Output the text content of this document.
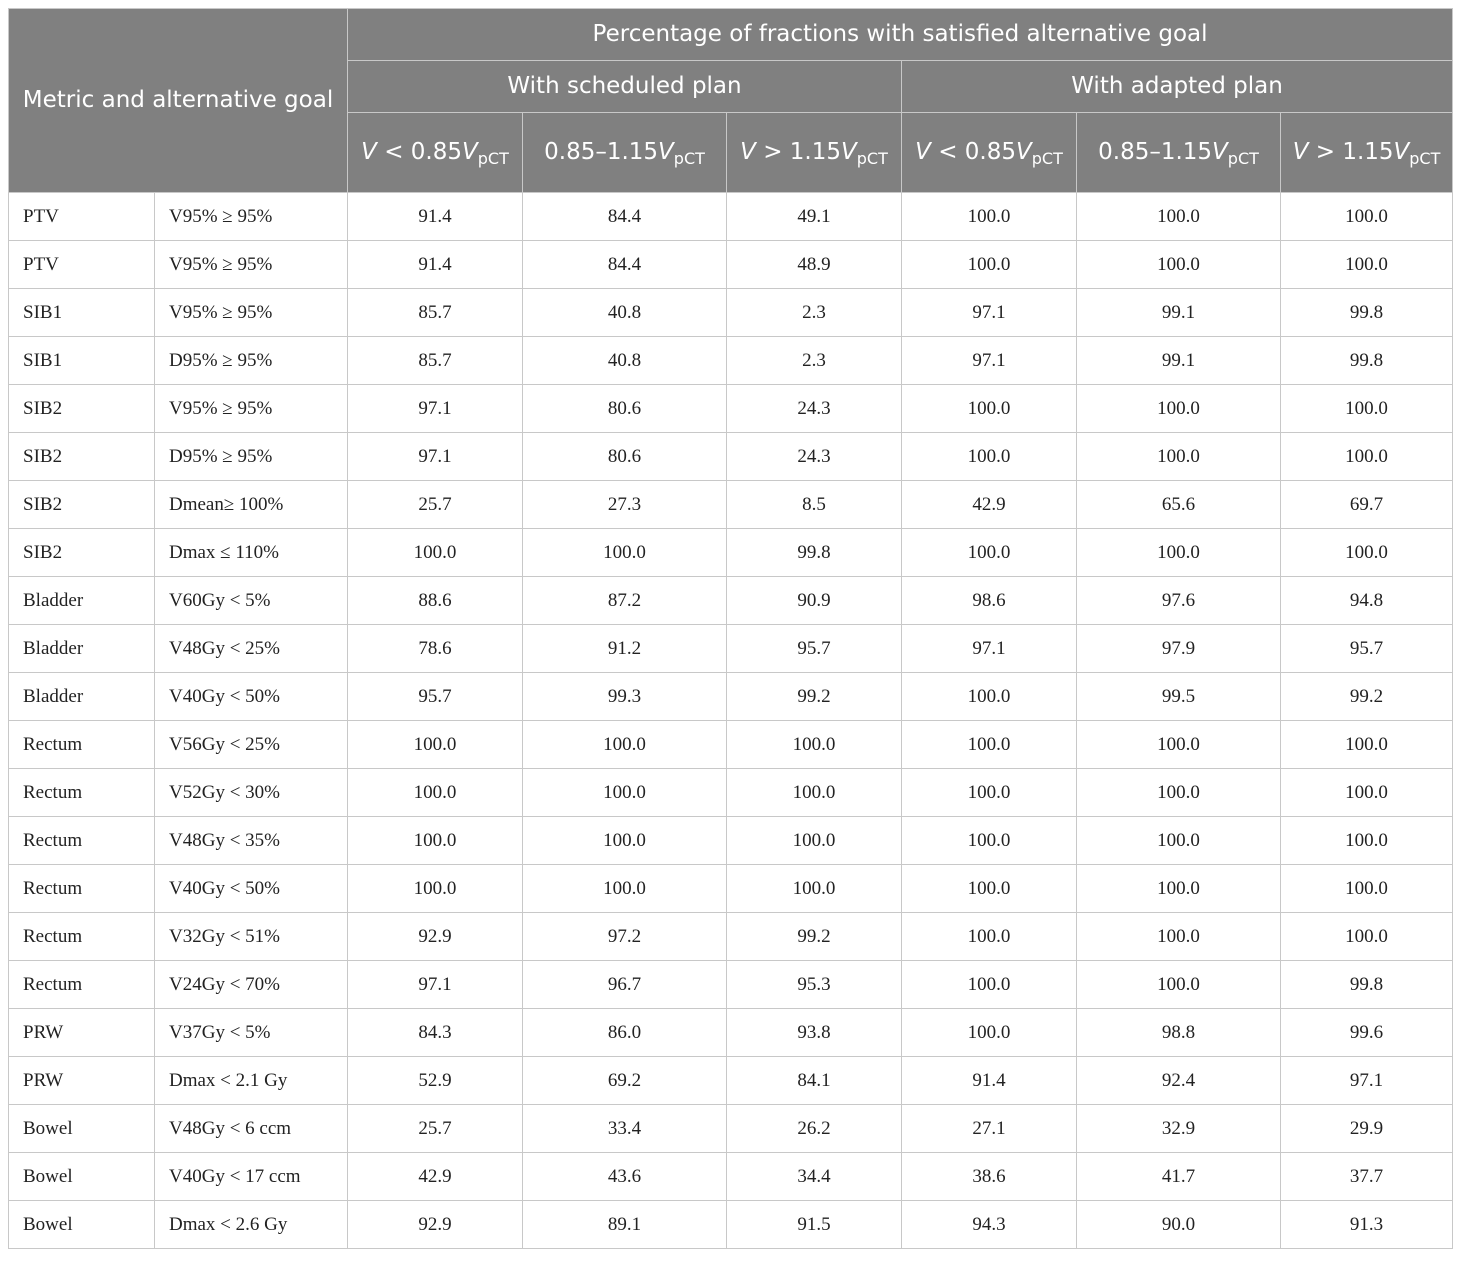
Metric and alternative goal		Percentage of fractions with satisfied alternative goal					
		With scheduled plan			With adapted plan		
		$V < 0.85V_{pCT}$	$0.85-1.15V_{pCT}$	$V > 1.15V_{pCT}$	$V < 0.85V_{pCT}$	$0.85-1.15V_{pCT}$	$V > 1.15V_{pCT}$
PTV	V95% ≥ 95%	91.4	84.4	49.1	100.0	100.0	100.0
PTV	V95% ≥ 95%	91.4	84.4	48.9	100.0	100.0	100.0
SIB1	V95% ≥ 95%	85.7	40.8	2.3	97.1	99.1	99.8
SIB1	D95% ≥ 95%	85.7	40.8	2.3	97.1	99.1	99.8
SIB2	V95% ≥ 95%	97.1	80.6	24.3	100.0	100.0	100.0
SIB2	D95% ≥ 95%	97.1	80.6	24.3	100.0	100.0	100.0
SIB2	Dmean≥ 100%	25.7	27.3	8.5	42.9	65.6	69.7
SIB2	Dmax ≤ 110%	100.0	100.0	99.8	100.0	100.0	100.0
Bladder	V60Gy < 5%	88.6	87.2	90.9	98.6	97.6	94.8
Bladder	V48Gy < 25%	78.6	91.2	95.7	97.1	97.9	95.7
Bladder	V40Gy < 50%	95.7	99.3	99.2	100.0	99.5	99.2
Rectum	V56Gy < 25%	100.0	100.0	100.0	100.0	100.0	100.0
Rectum	V52Gy < 30%	100.0	100.0	100.0	100.0	100.0	100.0
Rectum	V48Gy < 35%	100.0	100.0	100.0	100.0	100.0	100.0
Rectum	V40Gy < 50%	100.0	100.0	100.0	100.0	100.0	100.0
Rectum	V32Gy < 51%	92.9	97.2	99.2	100.0	100.0	100.0
Rectum	V24Gy < 70%	97.1	96.7	95.3	100.0	100.0	99.8
PRW	V37Gy < 5%	84.3	86.0	93.8	100.0	98.8	99.6
PRW	Dmax < 2.1 Gy	52.9	69.2	84.1	91.4	92.4	97.1
Bowel	V48Gy < 6 ccm	25.7	33.4	26.2	27.1	32.9	29.9
Bowel	V40Gy < 17 ccm	42.9	43.6	34.4	38.6	41.7	37.7
Bowel	Dmax < 2.6 Gy	92.9	89.1	91.5	94.3	90.0	91.3
